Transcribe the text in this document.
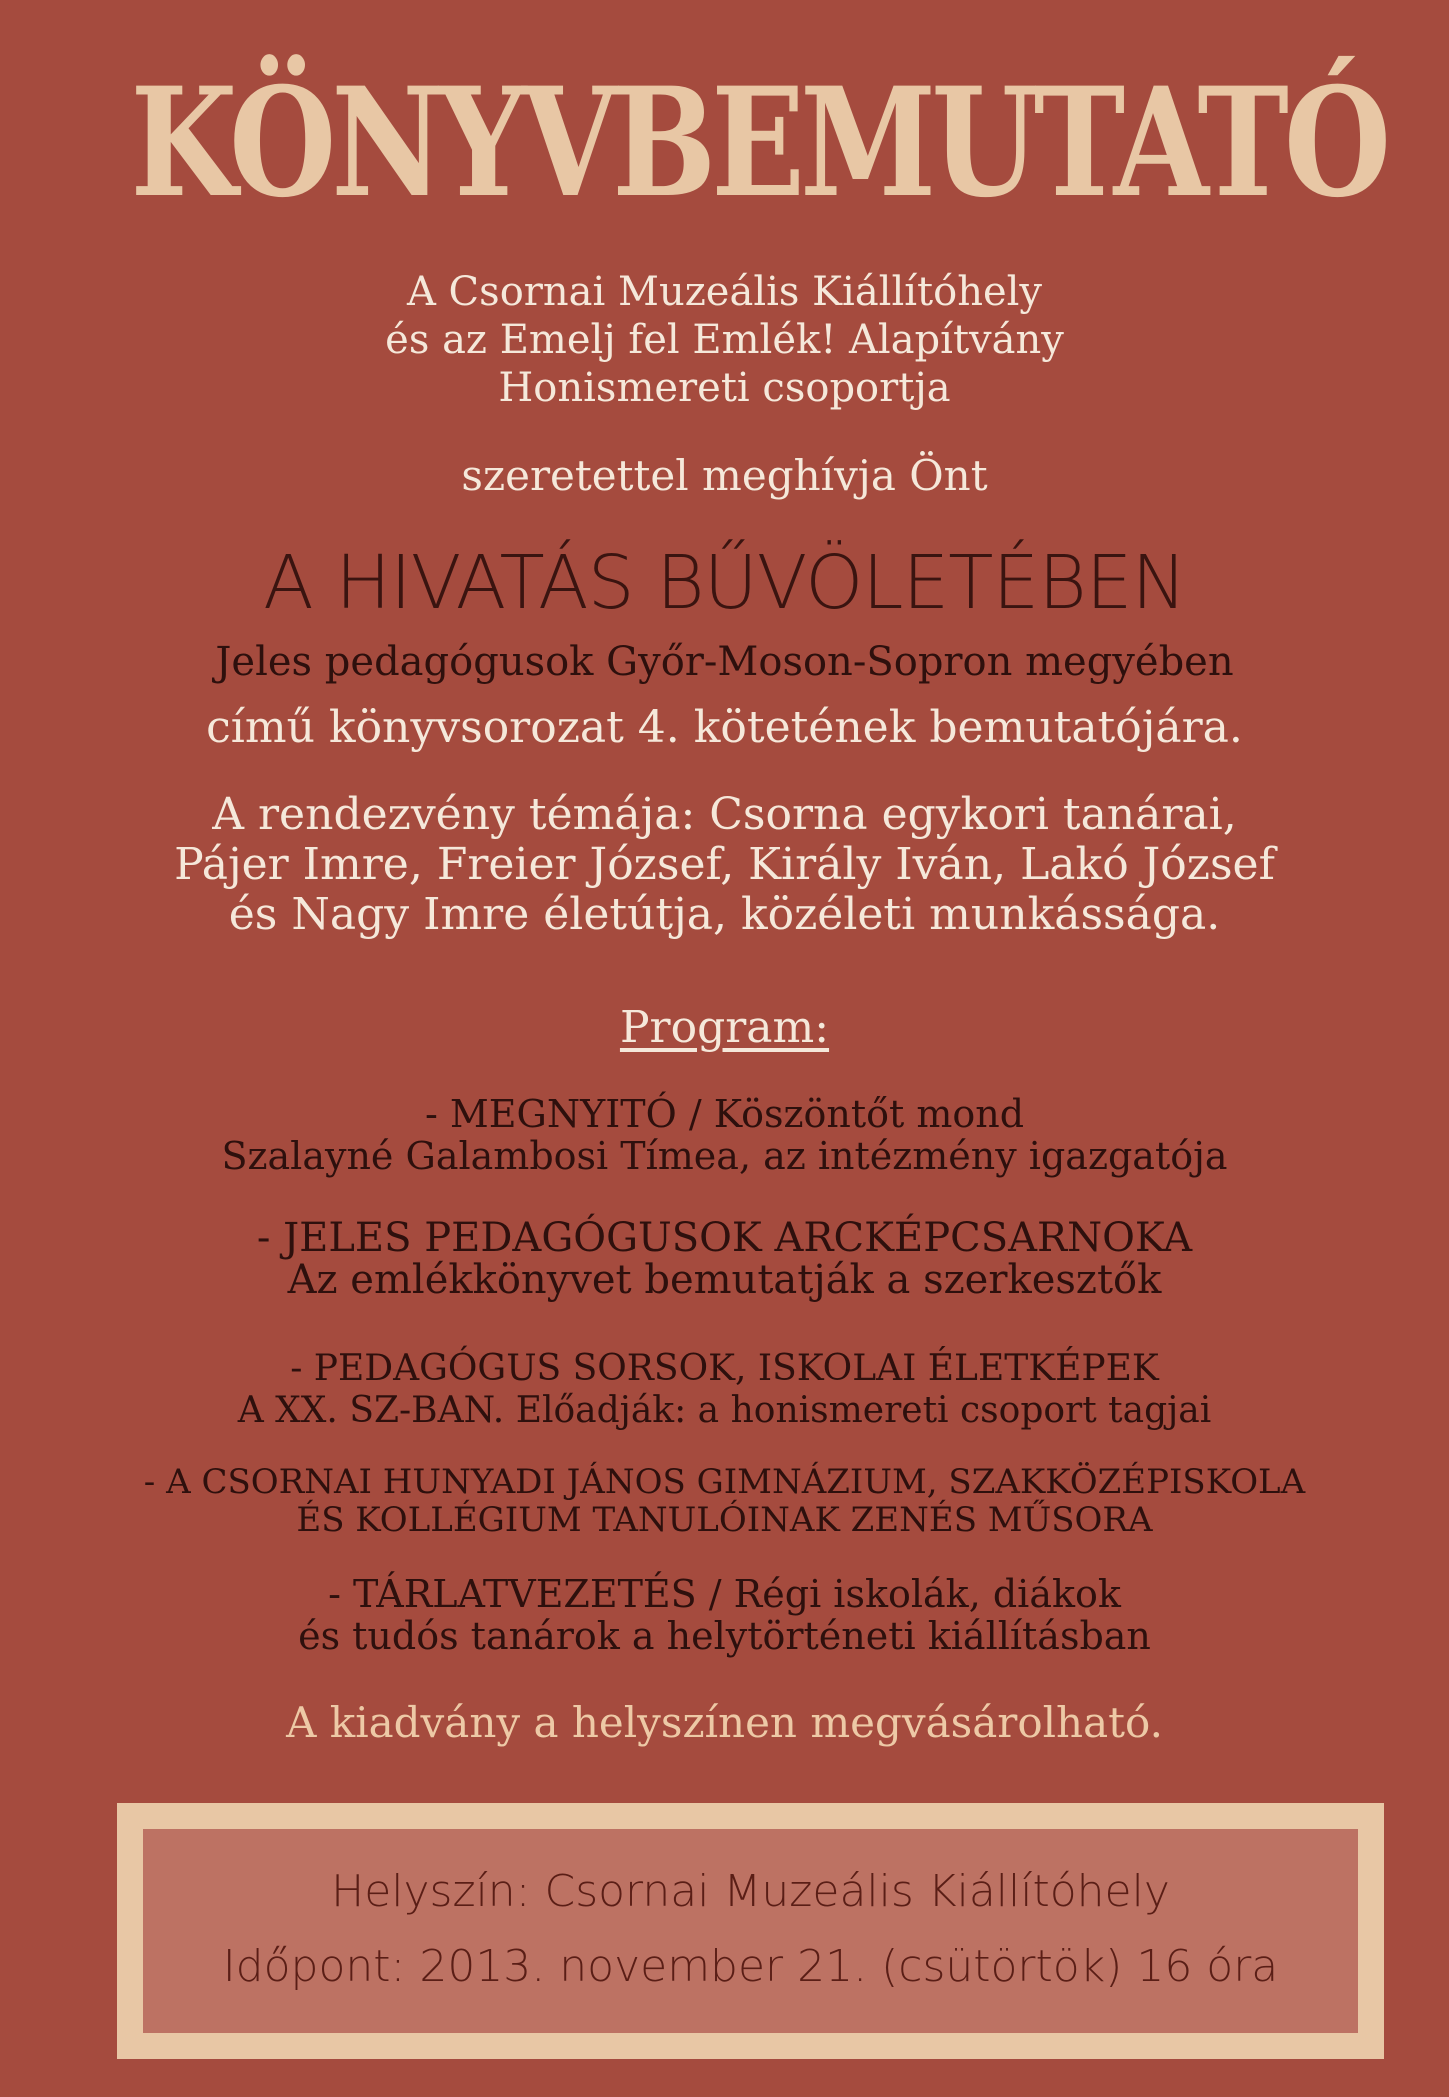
KÖNYVBEMUTATÓ
A Csornai Muzeális Kiállítóhely
és az Emelj fel Emlék! Alapítvány
Honismereti csoportja
szeretettel meghívja Önt
A HIVATÁS BŰVÖLETÉBEN
Jeles pedagógusok Győr-Moson-Sopron megyében
című könyvsorozat 4. kötetének bemutatójára.
A rendezvény témája: Csorna egykori tanárai,
Pájer Imre, Freier József, Király Iván, Lakó József
és Nagy Imre életútja, közéleti munkássága.
Program:
- MEGNYITÓ / Köszöntőt mond
Szalayné Galambosi Tímea, az intézmény igazgatója
- JELES PEDAGÓGUSOK ARCKÉPCSARNOKA
Az emlékkönyvet bemutatják a szerkesztők
- PEDAGÓGUS SORSOK, ISKOLAI ÉLETKÉPEK
A XX. SZ-BAN. Előadják: a honismereti csoport tagjai
- A CSORNAI HUNYADI JÁNOS GIMNÁZIUM, SZAKKÖZÉPISKOLA
ÉS KOLLÉGIUM TANULÓINAK ZENÉS MŰSORA
- TÁRLATVEZETÉS / Régi iskolák, diákok
és tudós tanárok a helytörténeti kiállításban
A kiadvány a helyszínen megvásárolható.
Helyszín: Csornai Muzeális Kiállítóhely
Időpont: 2013. november 21. (csütörtök) 16 óra
